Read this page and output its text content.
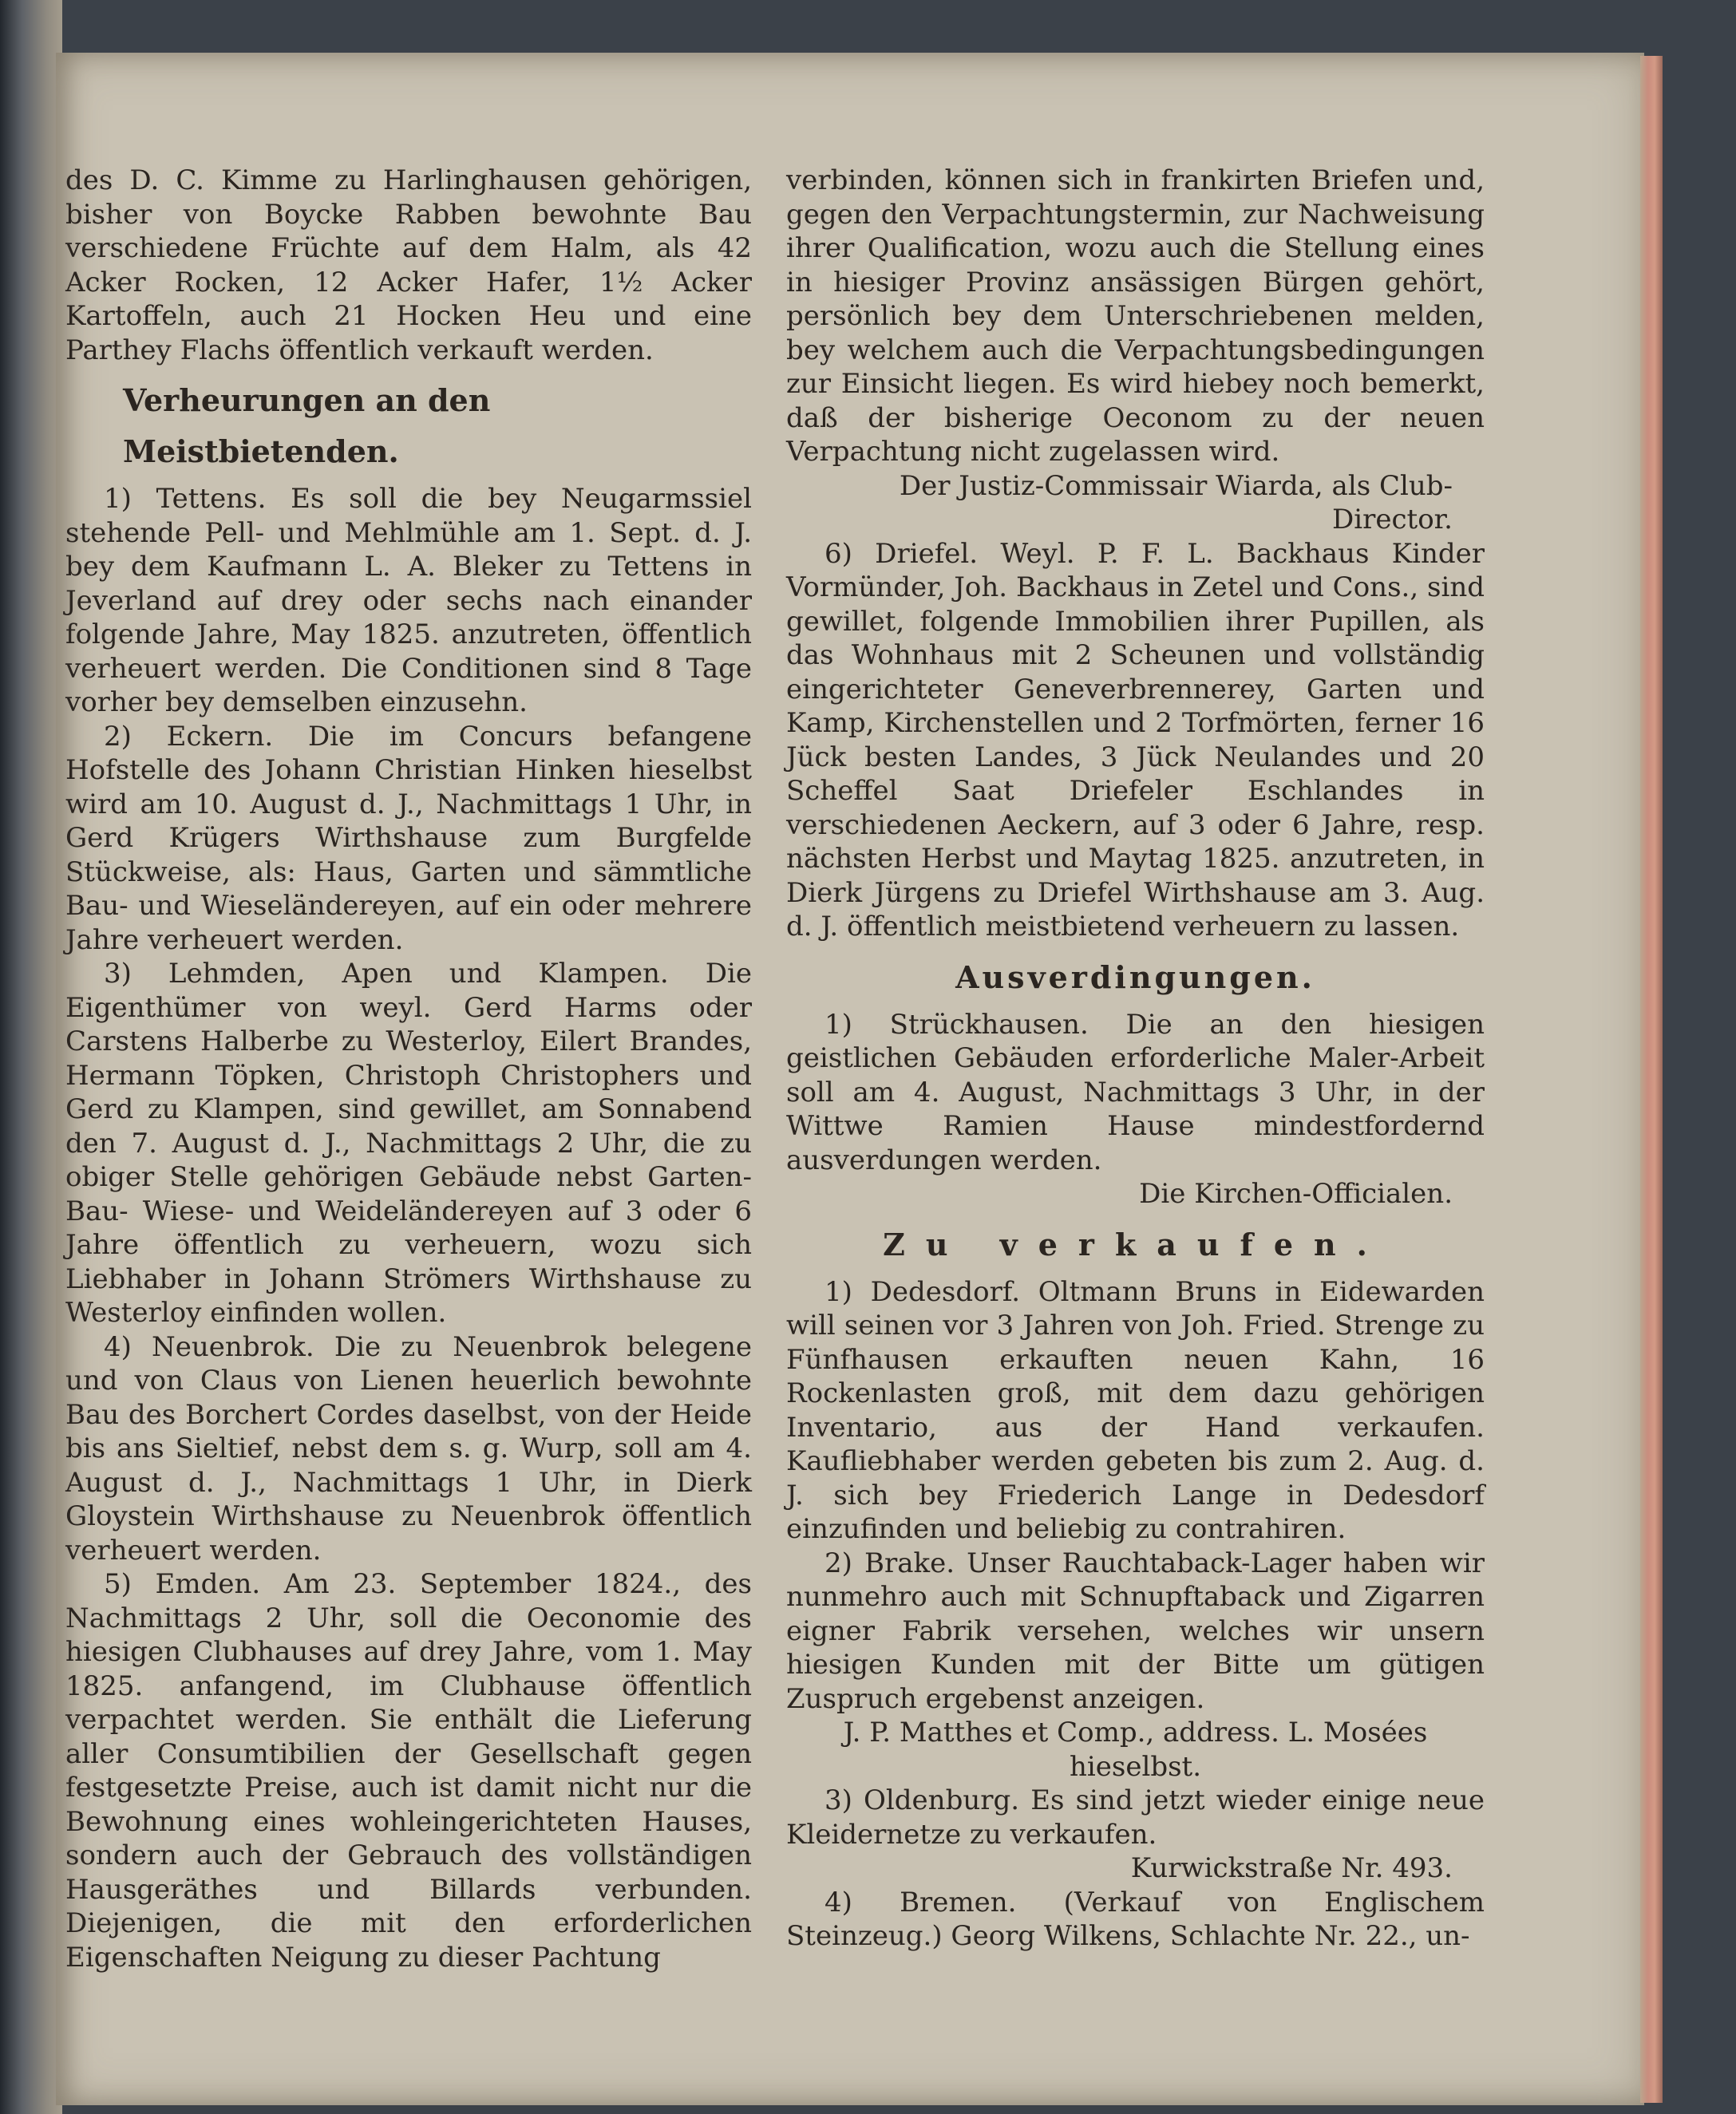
des D. C. Kimme zu Harlinghausen gehörigen, bisher von Boycke Rabben bewohnte Bau verschiedene Früchte auf dem Halm, als 42 Acker Rocken, 12 Acker Hafer, 1½ Acker Kartoffeln, auch 21 Hocken Heu und eine Parthey Flachs öffentlich verkauft werden.

Verheurungen an den Meistbietenden.

1) Tettens. Es soll die bey Neugarmssiel stehende Pell- und Mehlmühle am 1. Sept. d. J. bey dem Kaufmann L. A. Bleker zu Tettens in Jeverland auf drey oder sechs nach einander folgende Jahre, May 1825. anzutreten, öffentlich verheuert werden. Die Conditionen sind 8 Tage vorher bey demselben einzusehn.

2) Eckern. Die im Concurs befangene Hofstelle des Johann Christian Hinken hieselbst wird am 10. August d. J., Nachmittags 1 Uhr, in Gerd Krügers Wirthshause zum Burgfelde Stückweise, als: Haus, Garten und sämmtliche Bau- und Wieseländereyen, auf ein oder mehrere Jahre verheuert werden.

3) Lehmden, Apen und Klampen. Die Eigenthümer von weyl. Gerd Harms oder Carstens Halberbe zu Westerloy, Eilert Brandes, Hermann Töpken, Christoph Christophers und Gerd zu Klampen, sind gewillet, am Sonnabend den 7. August d. J., Nachmittags 2 Uhr, die zu obiger Stelle gehörigen Gebäude nebst Garten- Bau- Wiese- und Weideländereyen auf 3 oder 6 Jahre öffentlich zu verheuern, wozu sich Liebhaber in Johann Strömers Wirthshause zu Westerloy einfinden wollen.

4) Neuenbrok. Die zu Neuenbrok belegene und von Claus von Lienen heuerlich bewohnte Bau des Borchert Cordes daselbst, von der Heide bis ans Sieltief, nebst dem s. g. Wurp, soll am 4. August d. J., Nachmittags 1 Uhr, in Dierk Gloystein Wirthshause zu Neuenbrok öffentlich verheuert werden.

5) Emden. Am 23. September 1824., des Nachmittags 2 Uhr, soll die Oeconomie des hiesigen Clubhauses auf drey Jahre, vom 1. May 1825. anfangend, im Clubhause öffentlich verpachtet werden. Sie enthält die Lieferung aller Consumtibilien der Gesellschaft gegen festgesetzte Preise, auch ist damit nicht nur die Bewohnung eines wohleingerichteten Hauses, sondern auch der Gebrauch des vollständigen Hausgeräthes und Billards verbunden. Diejenigen, die mit den erforderlichen Eigenschaften Neigung zu dieser Pachtung

verbinden, können sich in frankirten Briefen und, gegen den Verpachtungstermin, zur Nachweisung ihrer Qualification, wozu auch die Stellung eines in hiesiger Provinz ansässigen Bürgen gehört, persönlich bey dem Unterschriebenen melden, bey welchem auch die Verpachtungsbedingungen zur Einsicht liegen. Es wird hiebey noch bemerkt, daß der bisherige Oeconom zu der neuen Verpachtung nicht zugelassen wird.

Der Justiz-Commissair Wiarda, als Club-Director.

6) Driefel. Weyl. P. F. L. Backhaus Kinder Vormünder, Joh. Backhaus in Zetel und Cons., sind gewillet, folgende Immobilien ihrer Pupillen, als das Wohnhaus mit 2 Scheunen und vollständig eingerichteter Geneverbrennerey, Garten und Kamp, Kirchenstellen und 2 Torfmörten, ferner 16 Jück besten Landes, 3 Jück Neulandes und 20 Scheffel Saat Driefeler Eschlandes in verschiedenen Aeckern, auf 3 oder 6 Jahre, resp. nächsten Herbst und Maytag 1825. anzutreten, in Dierk Jürgens zu Driefel Wirthshause am 3. Aug. d. J. öffentlich meistbietend verheuern zu lassen.

Ausverdingungen.

1) Strückhausen. Die an den hiesigen geistlichen Gebäuden erforderliche Maler-Arbeit soll am 4. August, Nachmittags 3 Uhr, in der Wittwe Ramien Hause mindestfordernd ausverdungen werden.

Die Kirchen-Officialen.

Zu verkaufen.

1) Dedesdorf. Oltmann Bruns in Eidewarden will seinen vor 3 Jahren von Joh. Fried. Strenge zu Fünfhausen erkauften neuen Kahn, 16 Rockenlasten groß, mit dem dazu gehörigen Inventario, aus der Hand verkaufen. Kaufliebhaber werden gebeten bis zum 2. Aug. d. J. sich bey Friederich Lange in Dedesdorf einzufinden und beliebig zu contrahiren.

2) Brake. Unser Rauchtaback-Lager haben wir nunmehro auch mit Schnupftaback und Zigarren eigner Fabrik versehen, welches wir unsern hiesigen Kunden mit der Bitte um gütigen Zuspruch ergebenst anzeigen.

J. P. Matthes et Comp., address. L. Mosées hieselbst.

3) Oldenburg. Es sind jetzt wieder einige neue Kleidernetze zu verkaufen.

Kurwickstraße Nr. 493.

4) Bremen. (Verkauf von Englischem Steinzeug.) Georg Wilkens, Schlachte Nr. 22., un-
